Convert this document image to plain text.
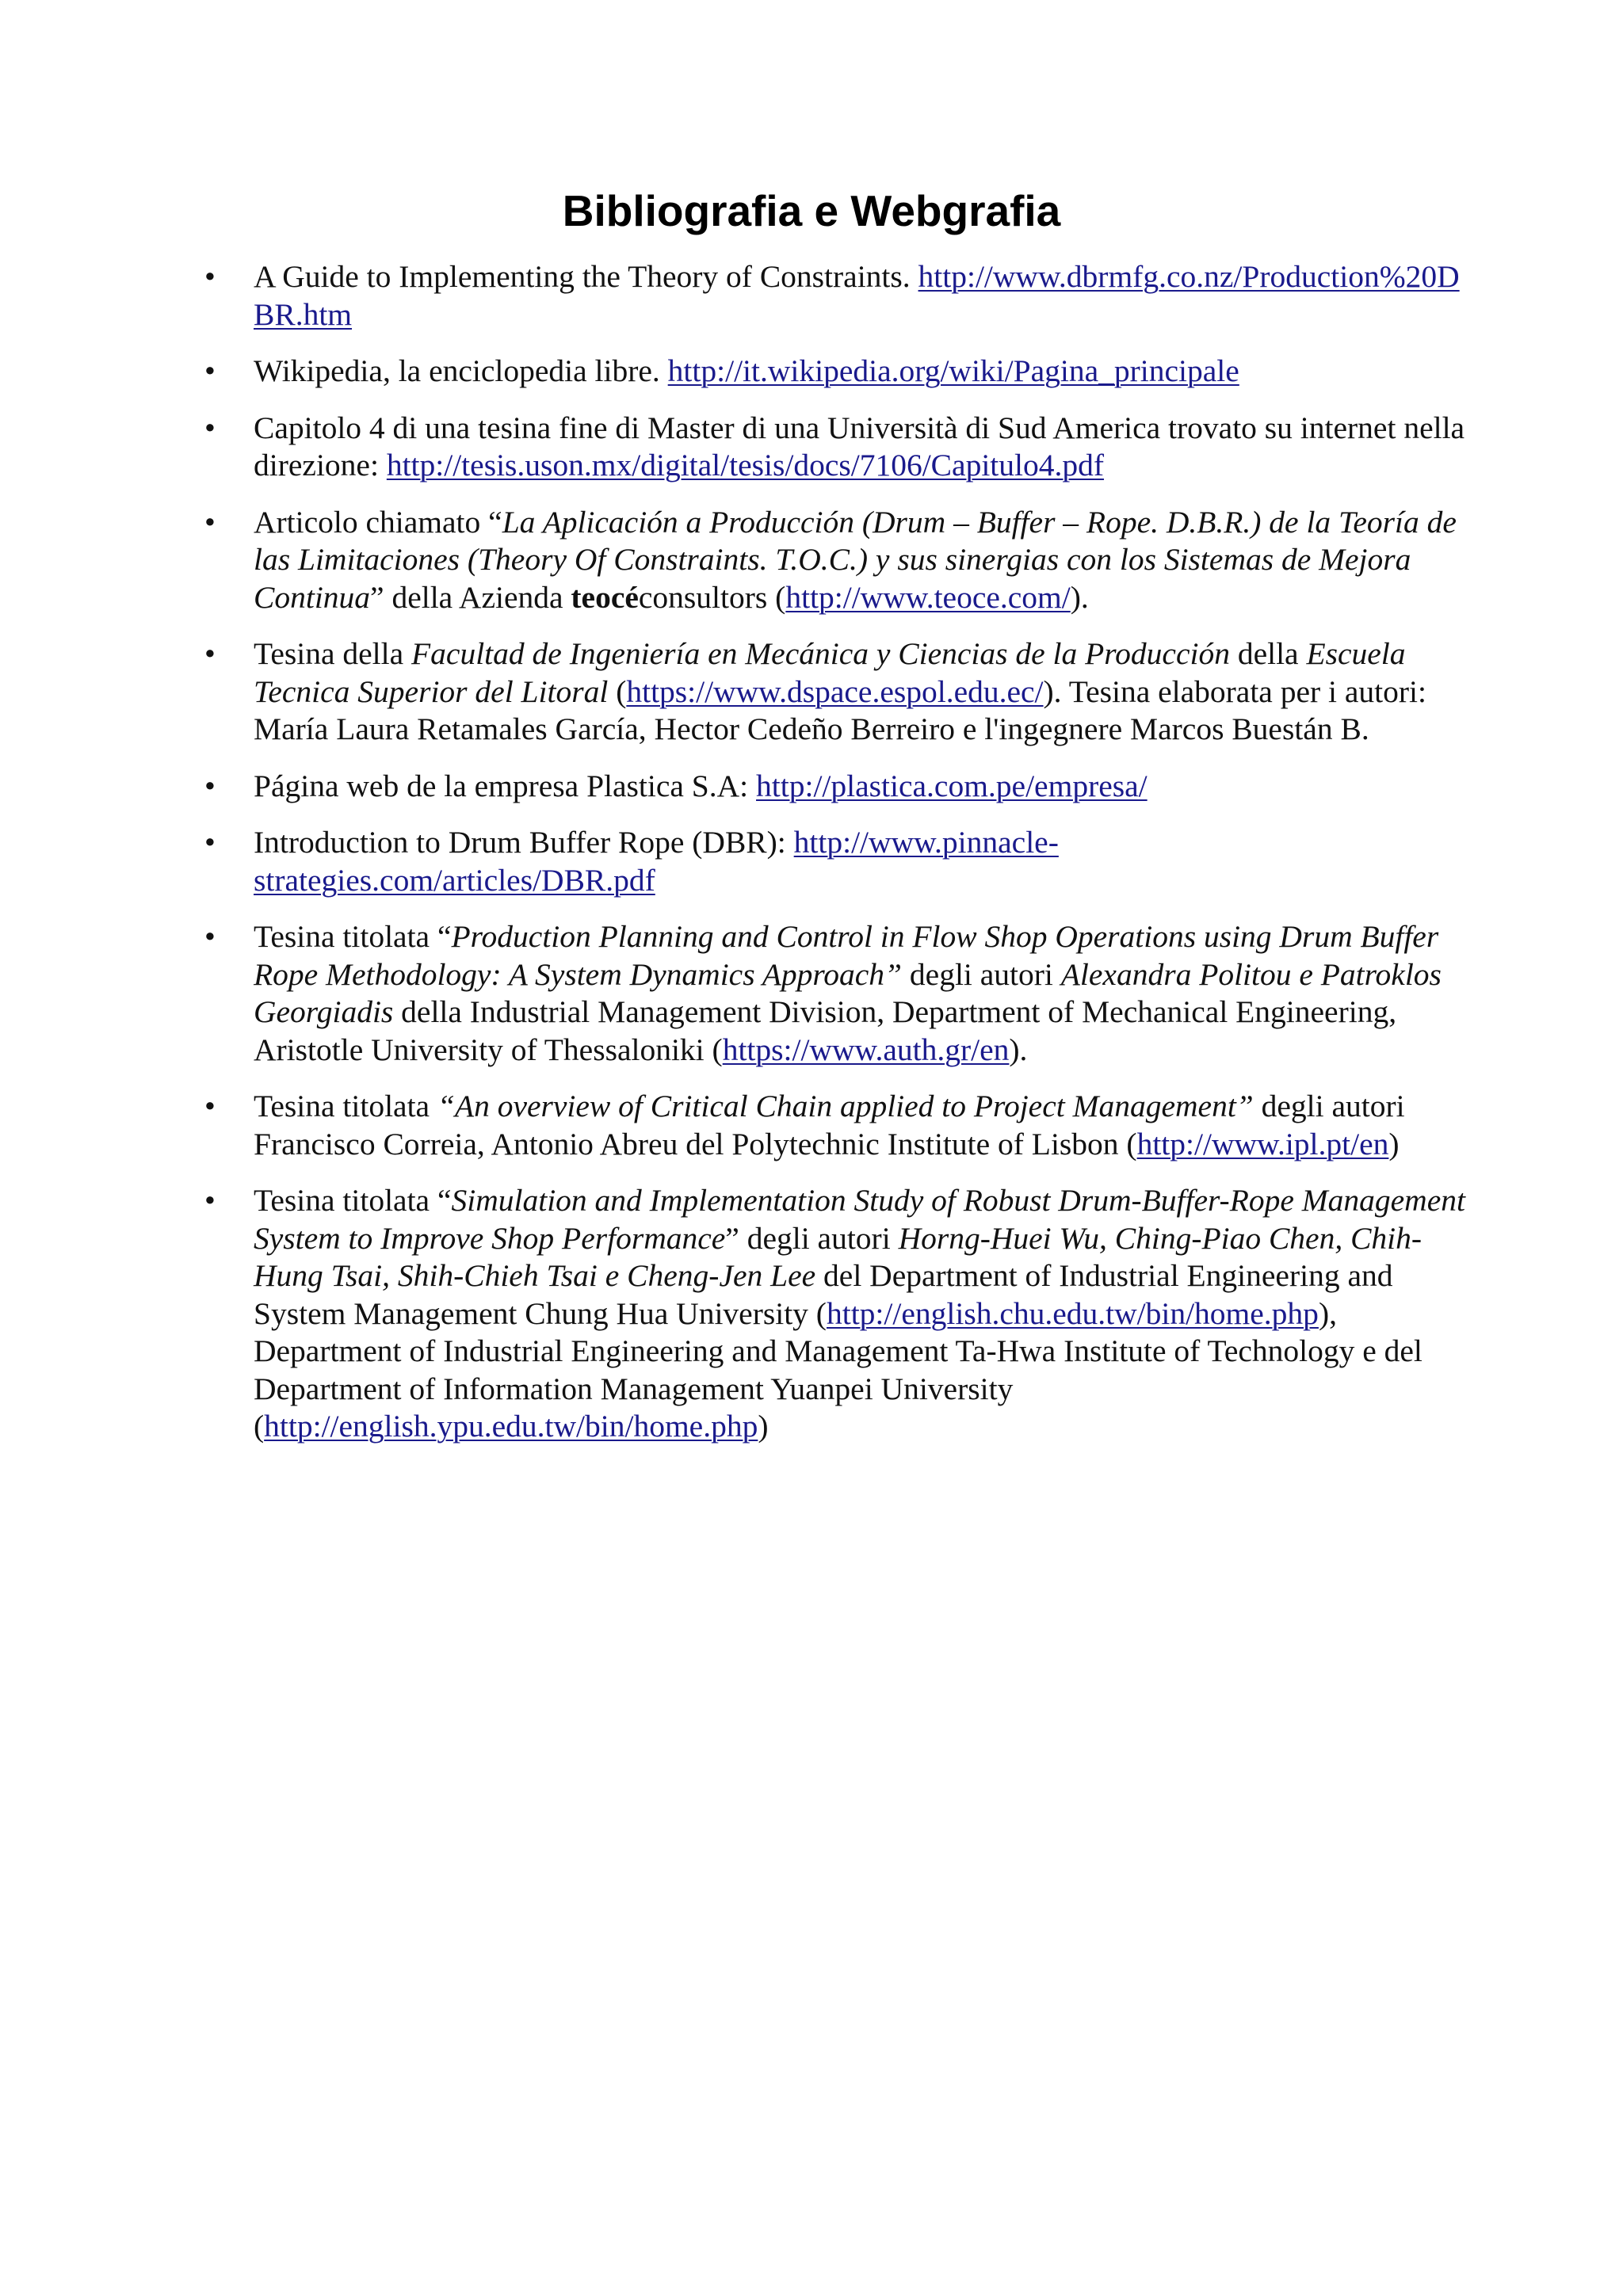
Bibliografia e Webgrafia
• A Guide to Implementing the Theory of Constraints. http://www.dbrmfg.co.nz/Production%20DBR.htm
• Wikipedia, la enciclopedia libre. http://it.wikipedia.org/wiki/Pagina_principale
• Capitolo 4 di una tesina fine di Master di una Università di Sud America trovato su internet nella direzione: http://tesis.uson.mx/digital/tesis/docs/7106/Capitulo4.pdf
• Articolo chiamato “La Aplicación a Producción (Drum – Buffer – Rope. D.B.R.) de la Teoría de las Limitaciones (Theory Of Constraints. T.O.C.) y sus sinergias con los Sistemas de Mejora Continua” della Azienda teocéconsultors (http://www.teoce.com/).
• Tesina della Facultad de Ingeniería en Mecánica y Ciencias de la Producción della Escuela Tecnica Superior del Litoral (https://www.dspace.espol.edu.ec/). Tesina elaborata per i autori: María Laura Retamales García, Hector Cedeño Berreiro e l'ingegnere Marcos Buestán B.
• Página web de la empresa Plastica S.A: http://plastica.com.pe/empresa/
• Introduction to Drum Buffer Rope (DBR): http://www.pinnacle-
strategies.com/articles/DBR.pdf
• Tesina titolata “Production Planning and Control in Flow Shop Operations using Drum Buffer Rope Methodology: A System Dynamics Approach” degli autori Alexandra Politou e Patroklos Georgiadis della Industrial Management Division, Department of Mechanical Engineering, Aristotle University of Thessaloniki (https://www.auth.gr/en).
• Tesina titolata “An overview of Critical Chain applied to Project Management” degli autori Francisco Correia, Antonio Abreu del Polytechnic Institute of Lisbon (http://www.ipl.pt/en)
• Tesina titolata “Simulation and Implementation Study of Robust Drum-Buffer-Rope Management System to Improve Shop Performance” degli autori Horng-Huei Wu, Ching-Piao Chen, Chih-Hung Tsai, Shih-Chieh Tsai e Cheng-Jen Lee del Department of Industrial Engineering and System Management Chung Hua University (http://english.chu.edu.tw/bin/home.php), Department of Industrial Engineering and Management Ta-Hwa Institute of Technology e del Department of Information Management Yuanpei University (http://english.ypu.edu.tw/bin/home.php)
